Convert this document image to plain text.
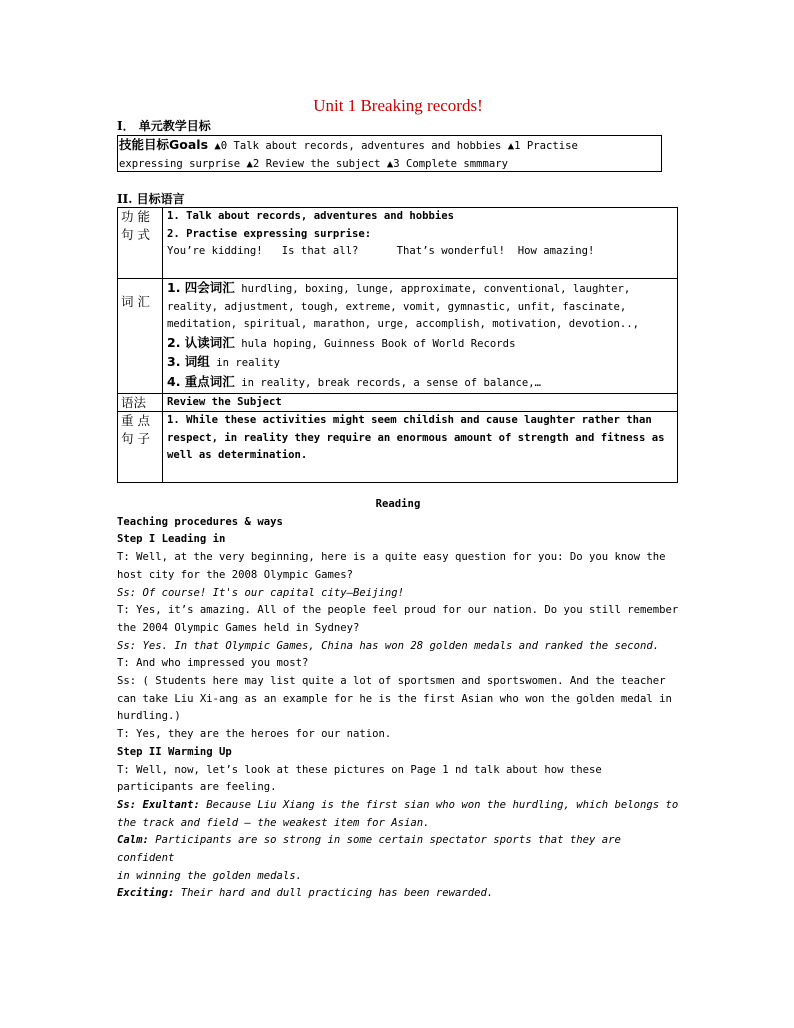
Unit 1 Breaking records!
Ⅰ． 单元教学目标
技能目标Goals ▲0 Talk about records, adventures and hobbies ▲1 Practise
expressing surprise ▲2 Review the subject ▲3 Complete smmmary
II. 目标语言
功 能 句 式	1. Talk about records, adventures and hobbies
2. Practise expressing surprise:
You’re kidding!   Is that all?      That’s wonderful!  How amazing!

词 汇	1. 四会词汇 hurdling, boxing, lunge, approximate, conventional, laughter, reality, adjustment, tough, extreme, vomit, gymnastic, unfit, fascinate, meditation, spiritual, marathon, urge, accomplish, motivation, devotion..,
2. 认读词汇 hula hoping, Guinness Book of World Records
3. 词组 in reality
4. 重点词汇 in reality, break records, a sense of balance,…

语法	Review the Subject
重 点 句 子	1. While these activities might seem childish and cause laughter rather than respect, in reality they require an enormous amount of strength and fitness as well as determination.

Reading

Teaching procedures & ways

Step I Leading in

T: Well, at the very beginning, here is a quite easy question for you: Do you know the host city for the 2008 Olympic Games?

Ss: Of course! It's our capital city—Beijing!

T: Yes, it’s amazing. All of the people feel proud for our nation. Do you still remember the 2004 Olympic Games held in Sydney?

Ss: Yes. In that Olympic Games, China has won 28 golden medals and ranked the second.

T: And who impressed you most?

Ss: ( Students here may list quite a lot of sportsmen and sportswomen. And the teacher can take Liu Xi-ang as an example for he is the first Asian who won the golden medal in hurdling.)

T: Yes, they are the heroes for our nation.

Step II Warming Up

T: Well, now, let’s look at these pictures on Page 1 nd talk about how these participants are feeling.

Ss: Exultant: Because Liu Xiang is the first sian who won the hurdling, which belongs to

the track and field — the weakest item for Asian.

Calm: Participants are so strong in some certain spectator sports that they are confident

in winning the golden medals.

Exciting: Their hard and dull practicing has been rewarded.
